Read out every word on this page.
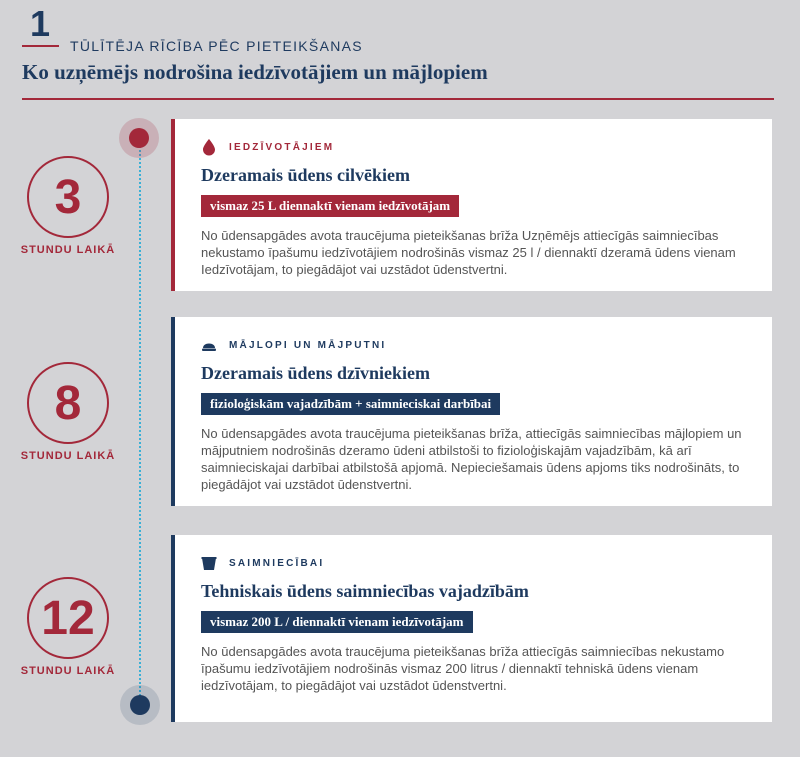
1
TŪLĪTĒJA RĪCĪBA PĒC PIETEIKŠANAS
Ko uzņēmējs nodrošina iedzīvotājiem un mājlopiem
3
STUNDU LAIKĀ
8
STUNDU LAIKĀ
12
STUNDU LAIKĀ
IEDZĪVOTĀJIEM
Dzeramais ūdens cilvēkiem
vismaz 25 L diennaktī vienam iedzīvotājam
No ūdensapgādes avota traucējuma pieteikšanas brīža Uzņēmējs attiecīgās saimniecības nekustamo īpašumu iedzīvotājiem nodrošinās vismaz 25 l / diennaktī dzeramā ūdens vienam Iedzīvotājam, to piegādājot vai uzstādot ūdenstvertni.
MĀJLOPI UN MĀJPUTNI
Dzeramais ūdens dzīvniekiem
fizioloģiskām vajadzībām + saimnieciskai darbībai
No ūdensapgādes avota traucējuma pieteikšanas brīža, attiecīgās saimniecības mājlopiem un mājputniem nodrošinās dzeramo ūdeni atbilstoši to fizioloģiskajām vajadzībām, kā arī saimnieciskajai darbībai atbilstošā apjomā. Nepieciešamais ūdens apjoms tiks nodrošināts, to piegādājot vai uzstādot ūdenstvertni.
SAIMNIECĪBAI
Tehniskais ūdens saimniecības vajadzībām
vismaz 200 L / diennaktī vienam iedzīvotājam
No ūdensapgādes avota traucējuma pieteikšanas brīža attiecīgās saimniecības nekustamo īpašumu iedzīvotājiem nodrošinās vismaz 200 litrus / diennaktī tehniskā ūdens vienam iedzīvotājam, to piegādājot vai uzstādot ūdenstvertni.
